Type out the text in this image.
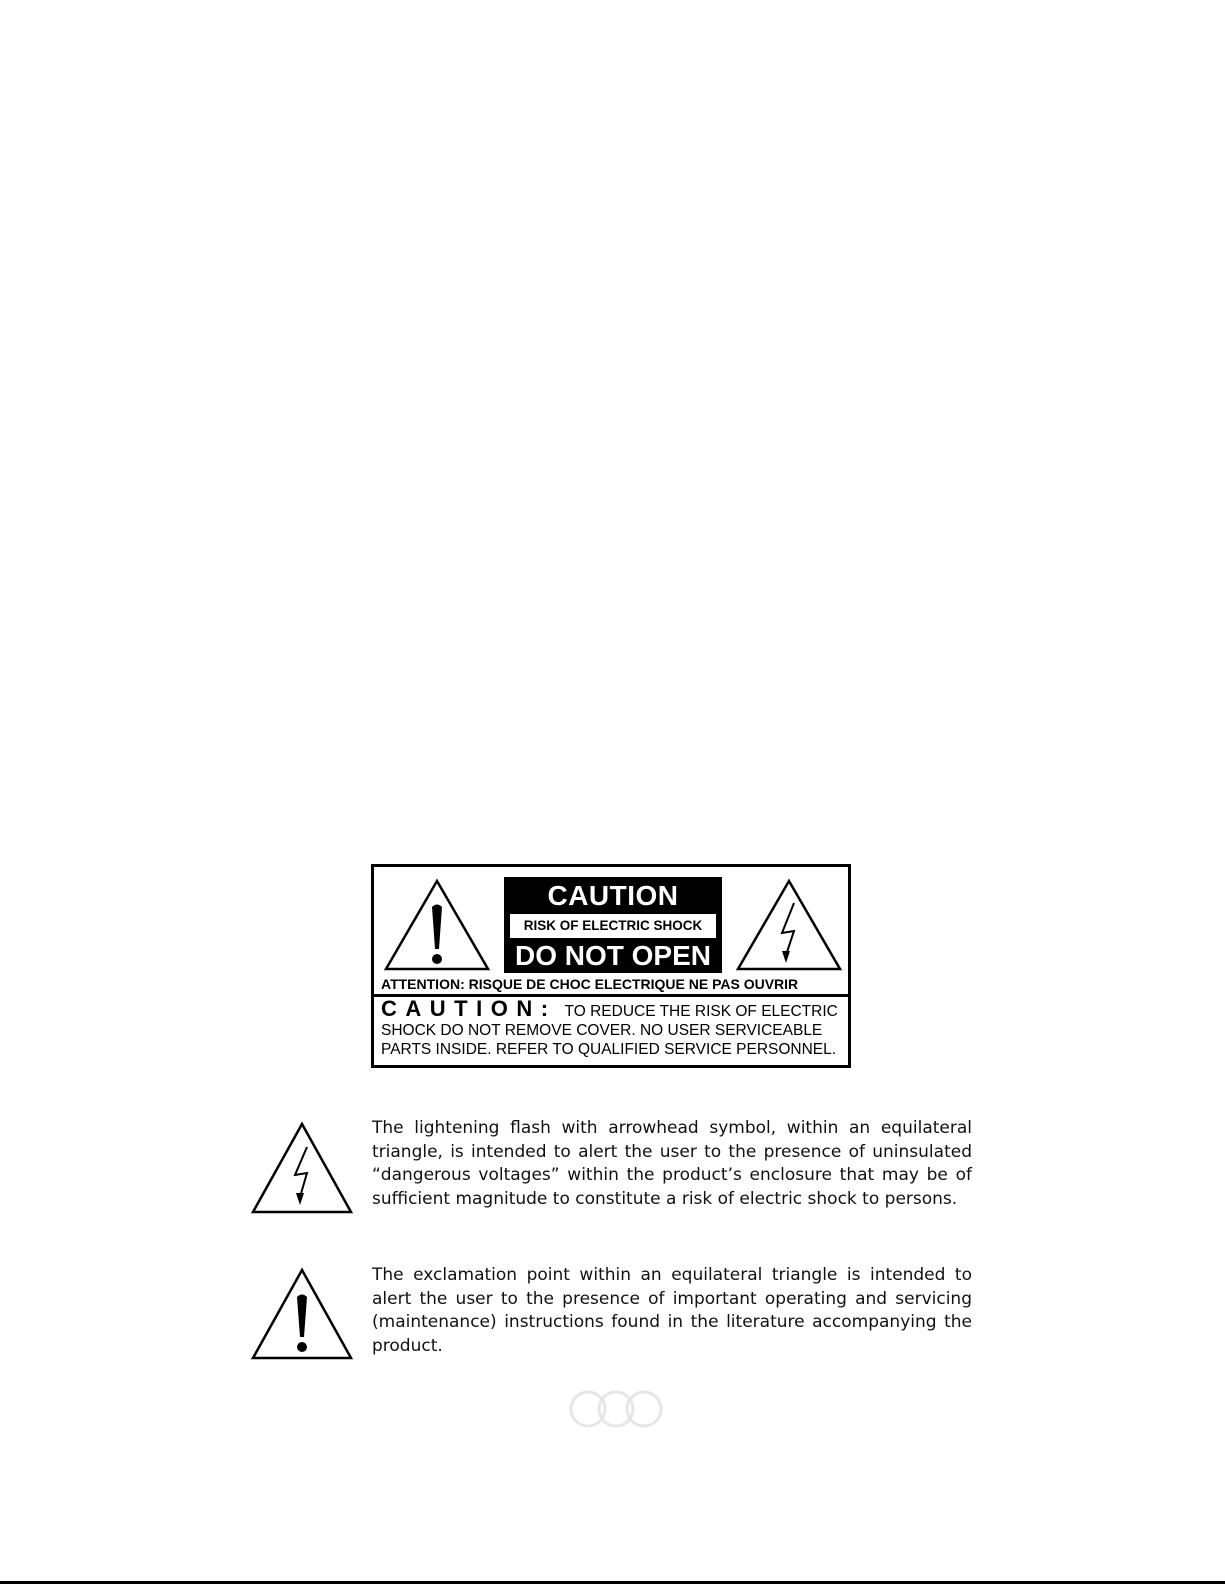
CAUTION
RISK OF ELECTRIC SHOCK
DO NOT OPEN
ATTENTION: RISQUE DE CHOC ELECTRIQUE NE PAS OUVRIR
CAUTION: TO REDUCE THE RISK OF ELECTRIC
SHOCK DO NOT REMOVE COVER. NO USER SERVICEABLE
PARTS INSIDE. REFER TO QUALIFIED SERVICE PERSONNEL.
The lightening flash with arrowhead symbol, within an equilateral triangle, is intended to alert the user to the presence of uninsulated “dangerous voltages” within the product’s enclosure that may be of sufficient magnitude to constitute a risk of electric shock to persons.
The exclamation point within an equilateral triangle is intended to alert the user to the presence of important operating and servicing (maintenance) instructions found in the literature accompanying the product.
